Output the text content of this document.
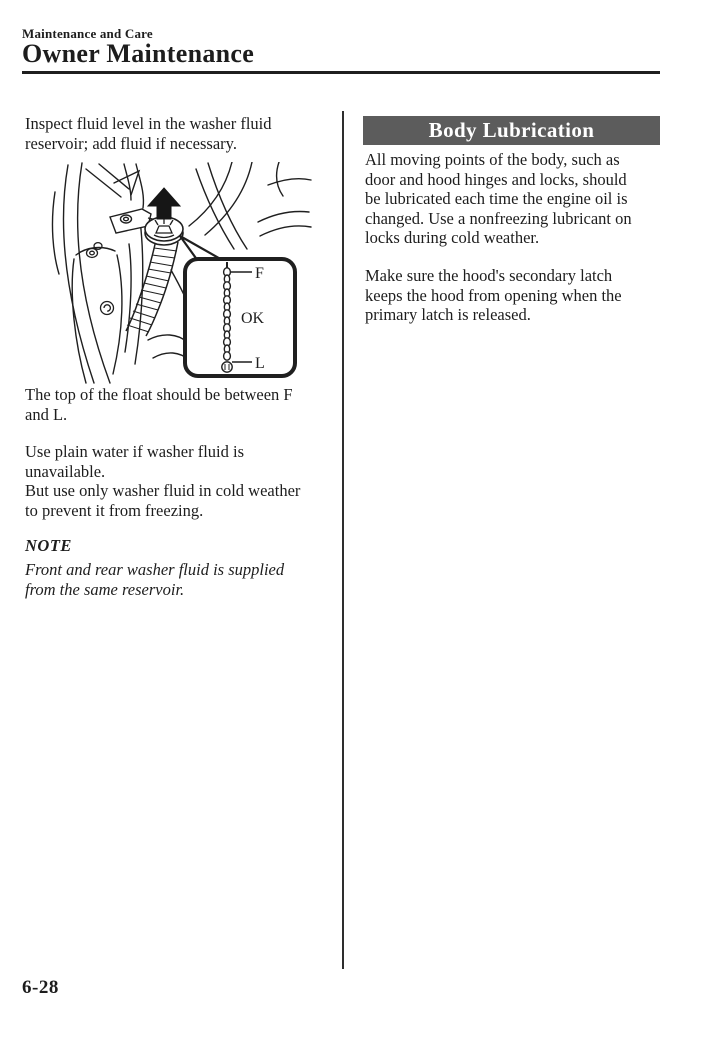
Maintenance and Care
Owner Maintenance
Inspect fluid level in the washer fluid
reservoir; add fluid if necessary.
F
OK
L
The top of the float should be between F
and L.
Use plain water if washer fluid is
unavailable.
But use only washer fluid in cold weather
to prevent it from freezing.
NOTE
Front and rear washer fluid is supplied
from the same reservoir.
Body Lubrication
All moving points of the body, such as
door and hood hinges and locks, should
be lubricated each time the engine oil is
changed. Use a nonfreezing lubricant on
locks during cold weather.
Make sure the hood's secondary latch
keeps the hood from opening when the
primary latch is released.
6-28
